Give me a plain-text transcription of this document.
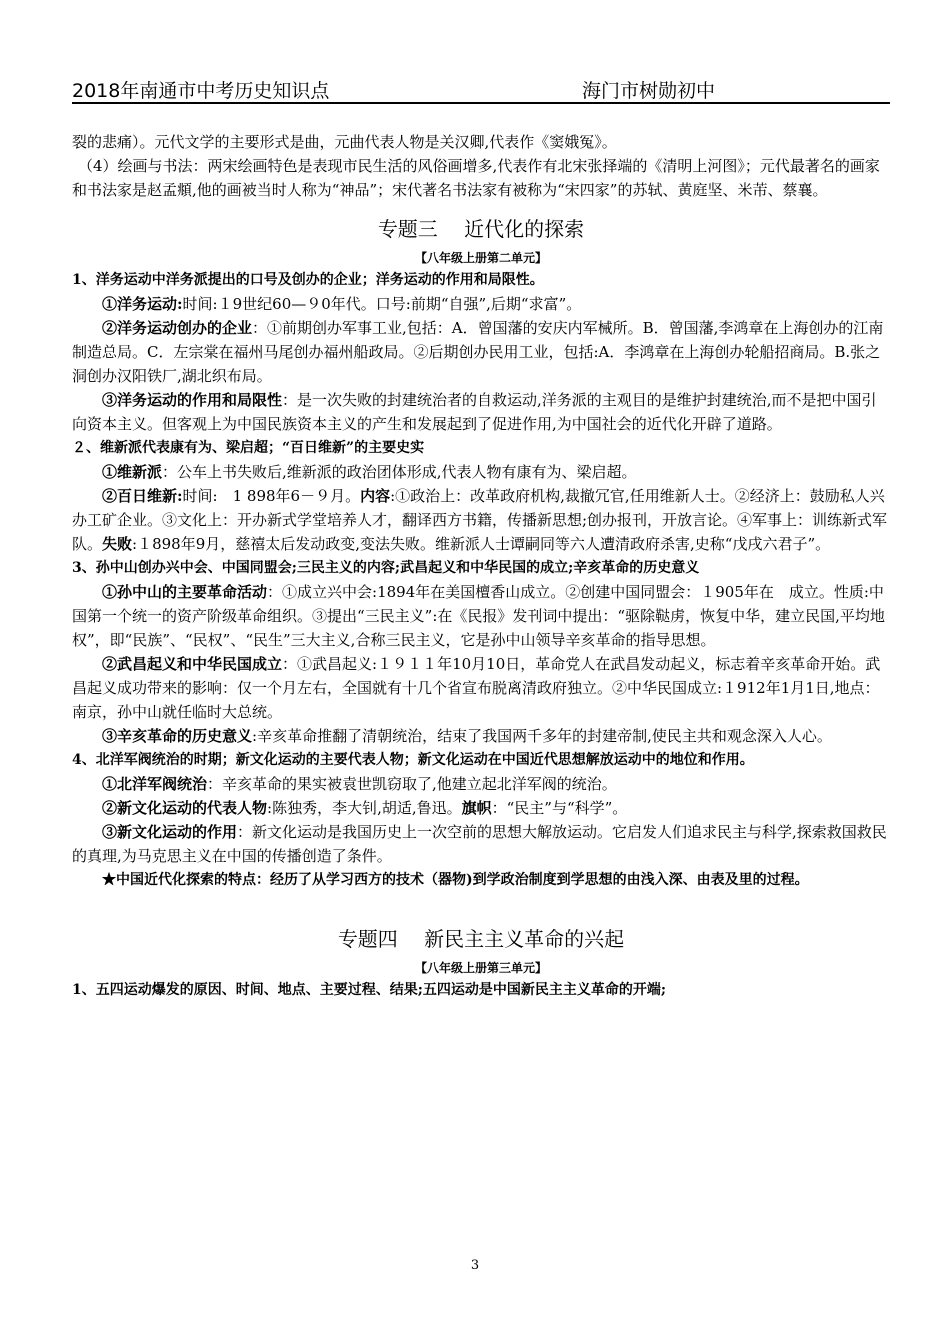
2018年南通市中考历史知识点	海门市树勋初中

裂的悲痛）。元代文学的主要形式是曲，元曲代表人物是关汉卿,代表作《窦娥冤》。

（4）绘画与书法：两宋绘画特色是表现市民生活的风俗画增多,代表作有北宋张择端的《清明上河图》；元代最著名的画家和书法家是赵孟頫,他的画被当时人称为“神品”；宋代著名书法家有被称为“宋四家”的苏轼、黄庭坚、米芾、蔡襄。

专题三　 近代化的探索

【八年级上册第二单元】

1、洋务运动中洋务派提出的口号及创办的企业；洋务运动的作用和局限性。

①洋务运动:时间:１9世纪60—９0年代。口号:前期“自强”,后期“求富”。

②洋务运动创办的企业：①前期创办军事工业,包括：A．曾国藩的安庆内军械所。B．曾国藩,李鸿章在上海创办的江南制造总局。C．左宗棠在福州马尾创办福州船政局。②后期创办民用工业，包括:A．李鸿章在上海创办轮船招商局。B.张之洞创办汉阳铁厂,湖北织布局。

③洋务运动的作用和局限性：是一次失败的封建统治者的自救运动,洋务派的主观目的是维护封建统治,而不是把中国引向资本主义。但客观上为中国民族资本主义的产生和发展起到了促进作用,为中国社会的近代化开辟了道路。

２、维新派代表康有为、梁启超；“百日维新”的主要史实

①维新派：公车上书失败后,维新派的政治团体形成,代表人物有康有为、梁启超。

②百日维新:时间:　1 898年6－９月。内容:①政治上：改革政府机构,裁撤冗官,任用维新人士。②经济上：鼓励私人兴办工矿企业。③文化上：开办新式学堂培养人才，翻译西方书籍，传播新思想;创办报刊，开放言论。④军事上：训练新式军队。失败:１898年9月，慈禧太后发动政变,变法失败。维新派人士谭嗣同等六人遭清政府杀害,史称“戊戌六君子”。

3、孙中山创办兴中会、中国同盟会;三民主义的内容;武昌起义和中华民国的成立;辛亥革命的历史意义

①孙中山的主要革命活动：①成立兴中会:1894年在美国檀香山成立。②创建中国同盟会：１905年在　成立。性质:中国第一个统一的资产阶级革命组织。③提出“三民主义”:在《民报》发刊词中提出：“驱除鞑虏，恢复中华，建立民国,平均地权”，即“民族”、“民权”、“民生”三大主义,合称三民主义，它是孙中山领导辛亥革命的指导思想。

②武昌起义和中华民国成立：①武昌起义:１９１１年10月10日，革命党人在武昌发动起义，标志着辛亥革命开始。武昌起义成功带来的影响：仅一个月左右，全国就有十几个省宣布脱离清政府独立。②中华民国成立:１912年1月1日,地点：南京，孙中山就任临时大总统。

③辛亥革命的历史意义:辛亥革命推翻了清朝统治，结束了我国两千多年的封建帝制,使民主共和观念深入人心。

4、北洋军阀统治的时期；新文化运动的主要代表人物；新文化运动在中国近代思想解放运动中的地位和作用。

①北洋军阀统治：辛亥革命的果实被袁世凯窃取了,他建立起北洋军阀的统治。

②新文化运动的代表人物:陈独秀，李大钊,胡适,鲁迅。旗帜：“民主”与“科学”。

③新文化运动的作用：新文化运动是我国历史上一次空前的思想大解放运动。它启发人们追求民主与科学,探索救国救民的真理,为马克思主义在中国的传播创造了条件。

★中国近代化探索的特点：经历了从学习西方的技术（器物)到学政治制度到学思想的由浅入深、由表及里的过程。

专题四　 新民主主义革命的兴起

【八年级上册第三单元】

1、五四运动爆发的原因、时间、地点、主要过程、结果;五四运动是中国新民主主义革命的开端;

3
